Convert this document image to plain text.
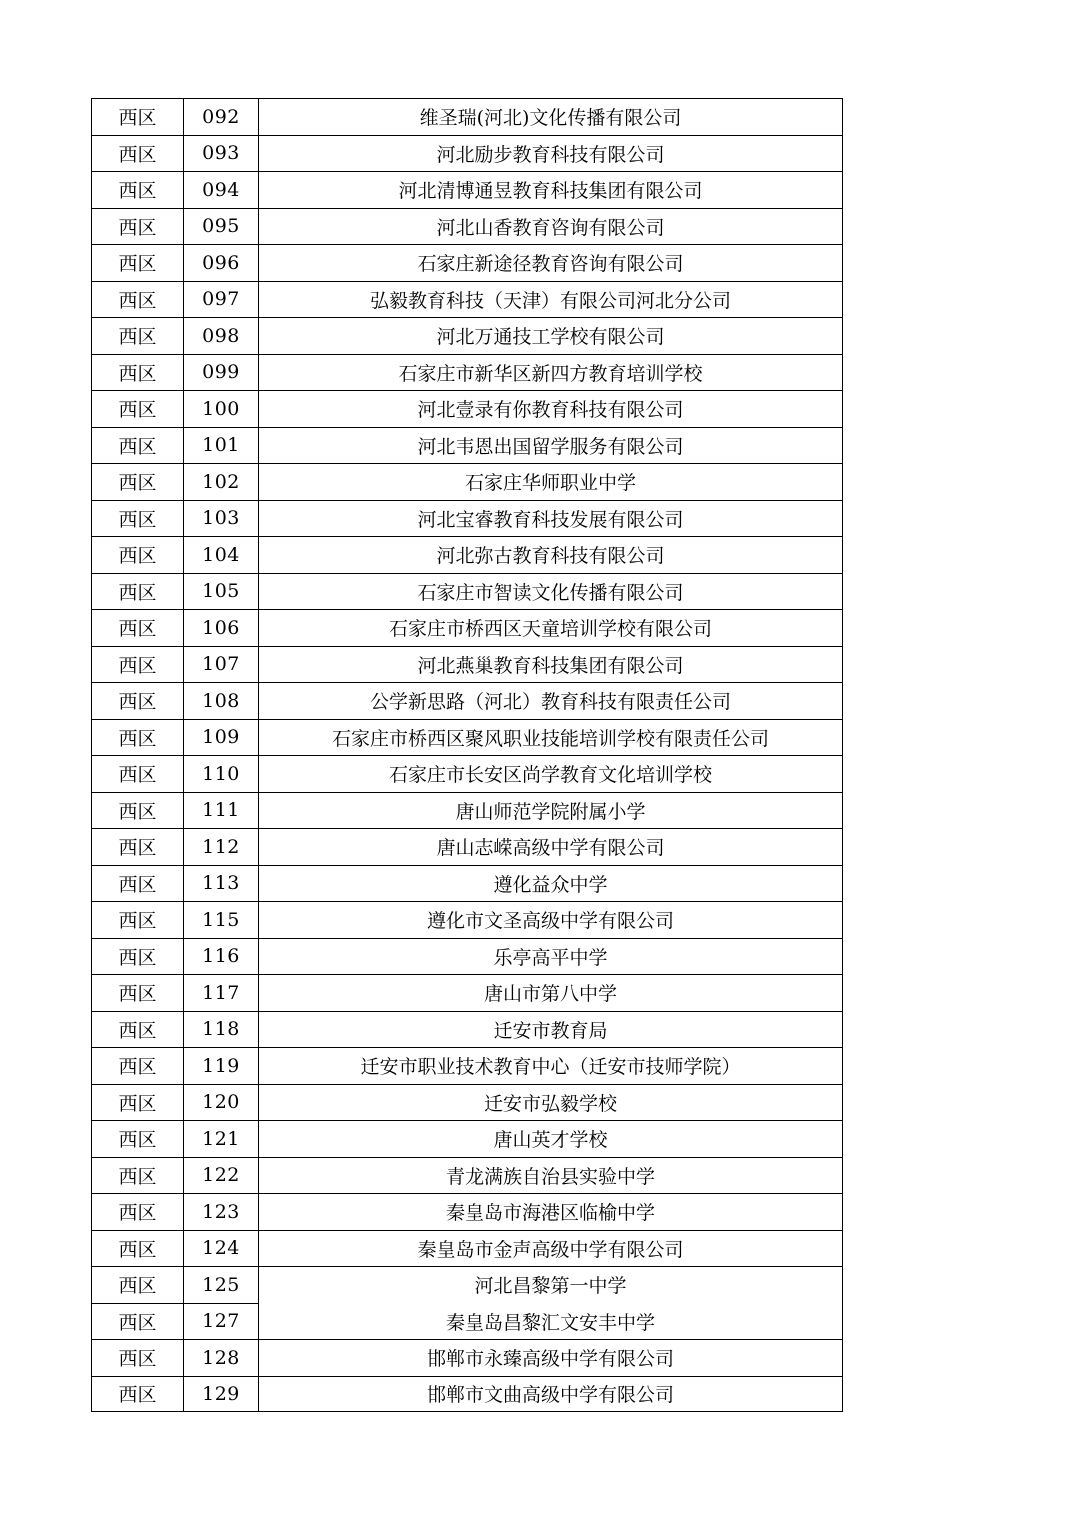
西区	092	维圣瑞(河北)文化传播有限公司
西区	093	河北励步教育科技有限公司
西区	094	河北清博通昱教育科技集团有限公司
西区	095	河北山香教育咨询有限公司
西区	096	石家庄新途径教育咨询有限公司
西区	097	弘毅教育科技（天津）有限公司河北分公司
西区	098	河北万通技工学校有限公司
西区	099	石家庄市新华区新四方教育培训学校
西区	100	河北壹录有你教育科技有限公司
西区	101	河北韦恩出国留学服务有限公司
西区	102	石家庄华师职业中学
西区	103	河北宝睿教育科技发展有限公司
西区	104	河北弥古教育科技有限公司
西区	105	石家庄市智读文化传播有限公司
西区	106	石家庄市桥西区天童培训学校有限公司
西区	107	河北燕巢教育科技集团有限公司
西区	108	公学新思路（河北）教育科技有限责任公司
西区	109	石家庄市桥西区聚风职业技能培训学校有限责任公司
西区	110	石家庄市长安区尚学教育文化培训学校
西区	111	唐山师范学院附属小学
西区	112	唐山志嵘高级中学有限公司
西区	113	遵化益众中学
西区	115	遵化市文圣高级中学有限公司
西区	116	乐亭高平中学
西区	117	唐山市第八中学
西区	118	迁安市教育局
西区	119	迁安市职业技术教育中心（迁安市技师学院）
西区	120	迁安市弘毅学校
西区	121	唐山英才学校
西区	122	青龙满族自治县实验中学
西区	123	秦皇岛市海港区临榆中学
西区	124	秦皇岛市金声高级中学有限公司
西区	125	河北昌黎第一中学
西区	127	秦皇岛昌黎汇文安丰中学
西区	128	邯郸市永臻高级中学有限公司
西区	129	邯郸市文曲高级中学有限公司
